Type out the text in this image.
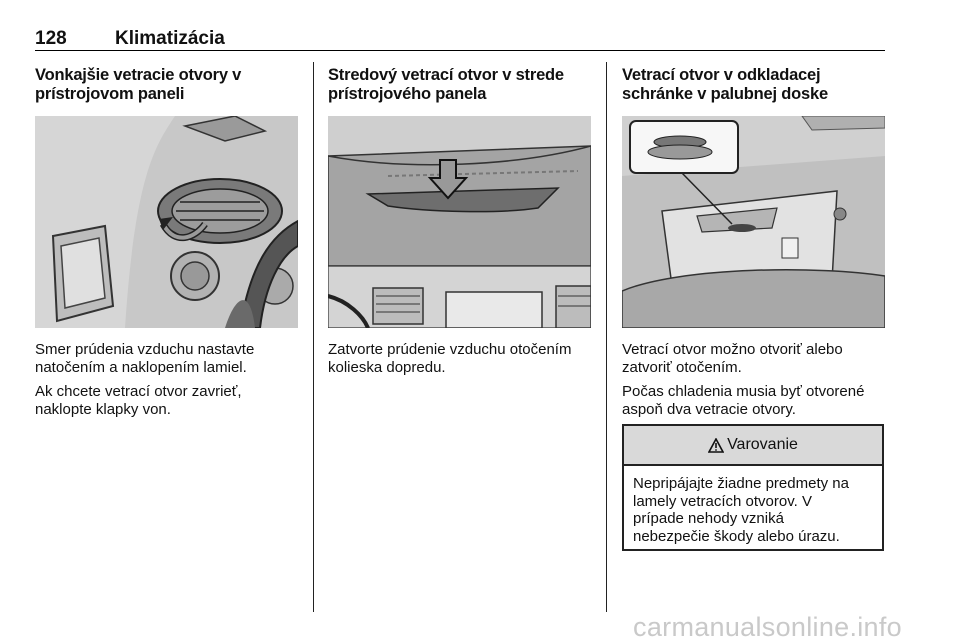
128	Klimatizácia
Vonkajšie vetracie otvory v
prístrojovom paneli

Smer prúdenia vzduchu nastavte
natočením a naklopením lamiel.

Ak chcete vetrací otvor zavrieť,
naklopte klapky von.

Stredový vetrací otvor v strede
prístrojového panela

Zatvorte prúdenie vzduchu otočením
kolieska dopredu.

Vetrací otvor v odkladacej
schránke v palubnej doske

Vetrací otvor možno otvoriť alebo
zatvoriť otočením.

Počas chladenia musia byť otvorené
aspoň dva vetracie otvory.

Varovanie
Nepripájajte žiadne predmety na
lamely vetracích otvorov. V
prípade nehody vzniká
nebezpečie škody alebo úrazu.
carmanualsonline.info
